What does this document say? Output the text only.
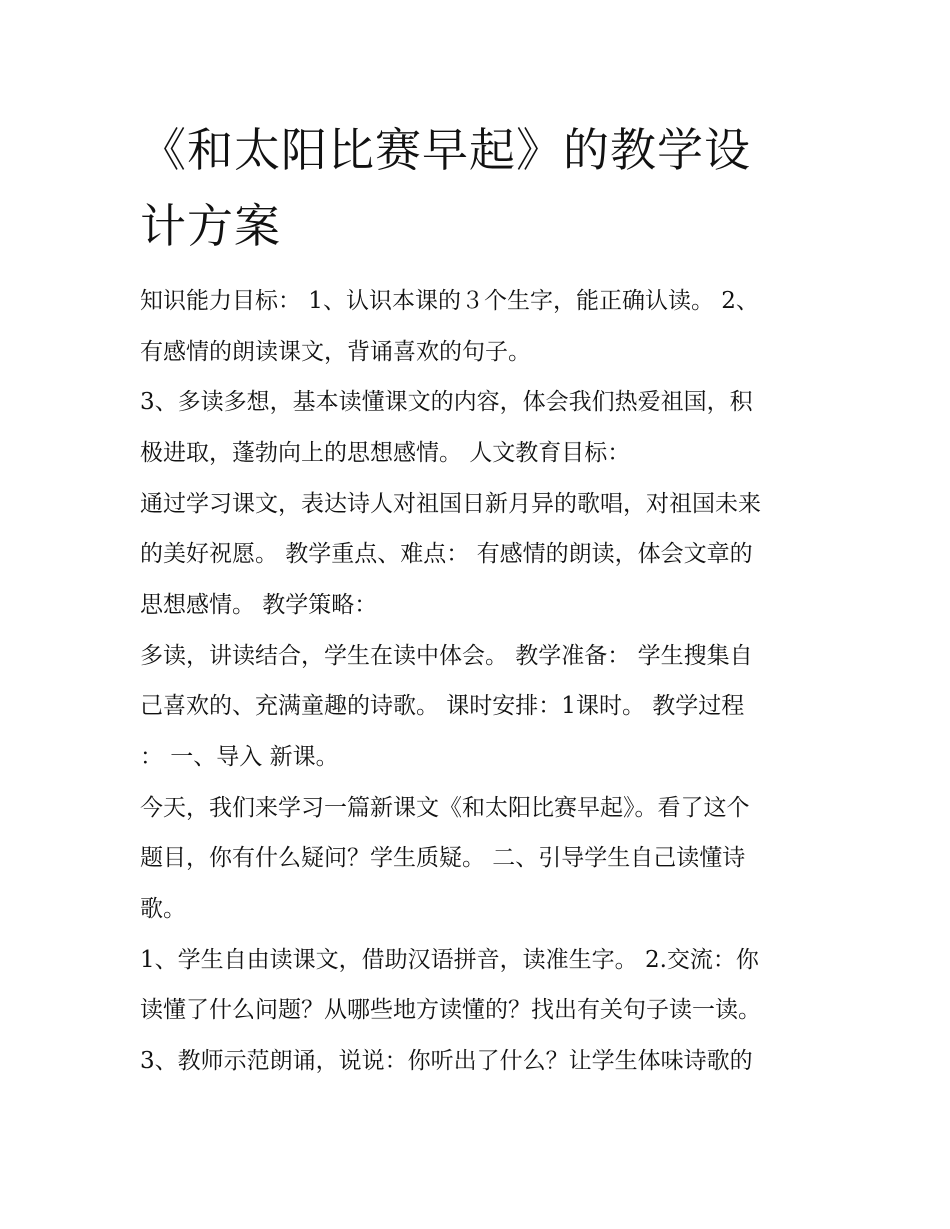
《和太阳比赛早起》的教学设
计方案

知识能力目标： 1、认识本课的３个生字，能正确认读。 2、

有感情的朗读课文，背诵喜欢的句子。

3、多读多想，基本读懂课文的内容，体会我们热爱祖国，积

极进取，蓬勃向上的思想感情。 人文教育目标：

通过学习课文，表达诗人对祖国日新月异的歌唱，对祖国未来

的美好祝愿。 教学重点、难点： 有感情的朗读，体会文章的

思想感情。 教学策略：

多读，讲读结合，学生在读中体会。 教学准备： 学生搜集自

己喜欢的、充满童趣的诗歌。 课时安排：1课时。 教学过程

： 一、导入 新课。

今天，我们来学习一篇新课文《和太阳比赛早起》。看了这个

题目，你有什么疑问？学生质疑。 二、引导学生自己读懂诗

歌。

1、学生自由读课文，借助汉语拼音，读准生字。 2.交流：你

读懂了什么问题？从哪些地方读懂的？找出有关句子读一读。

3、教师示范朗诵，说说：你听出了什么？让学生体味诗歌的
